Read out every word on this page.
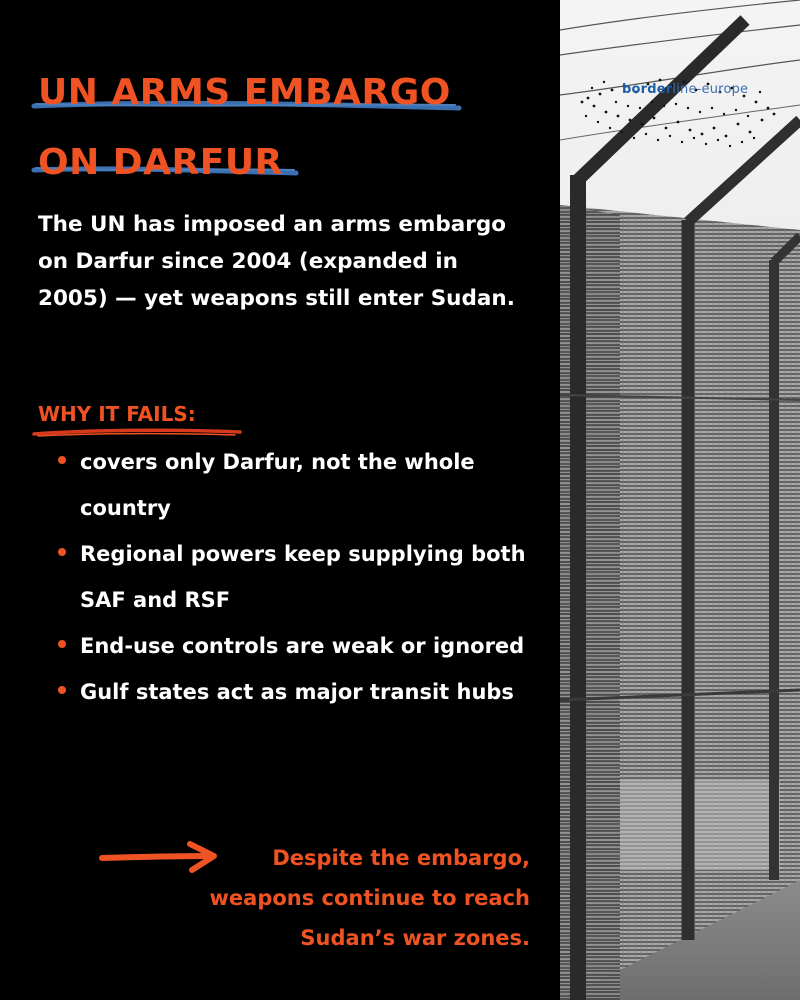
UN ARMS EMBARGO
ON DARFUR

The UN has imposed an arms embargo on Darfur since 2004 (expanded in 2005) — yet weapons still enter Sudan.

WHY IT FAILS:
covers only Darfur, not the whole country
Regional powers keep supplying both SAF and RSF
End-use controls are weak or ignored
Gulf states act as major transit hubs

Despite the embargo,
weapons continue to reach
Sudan’s war zones.

borderline-europe
